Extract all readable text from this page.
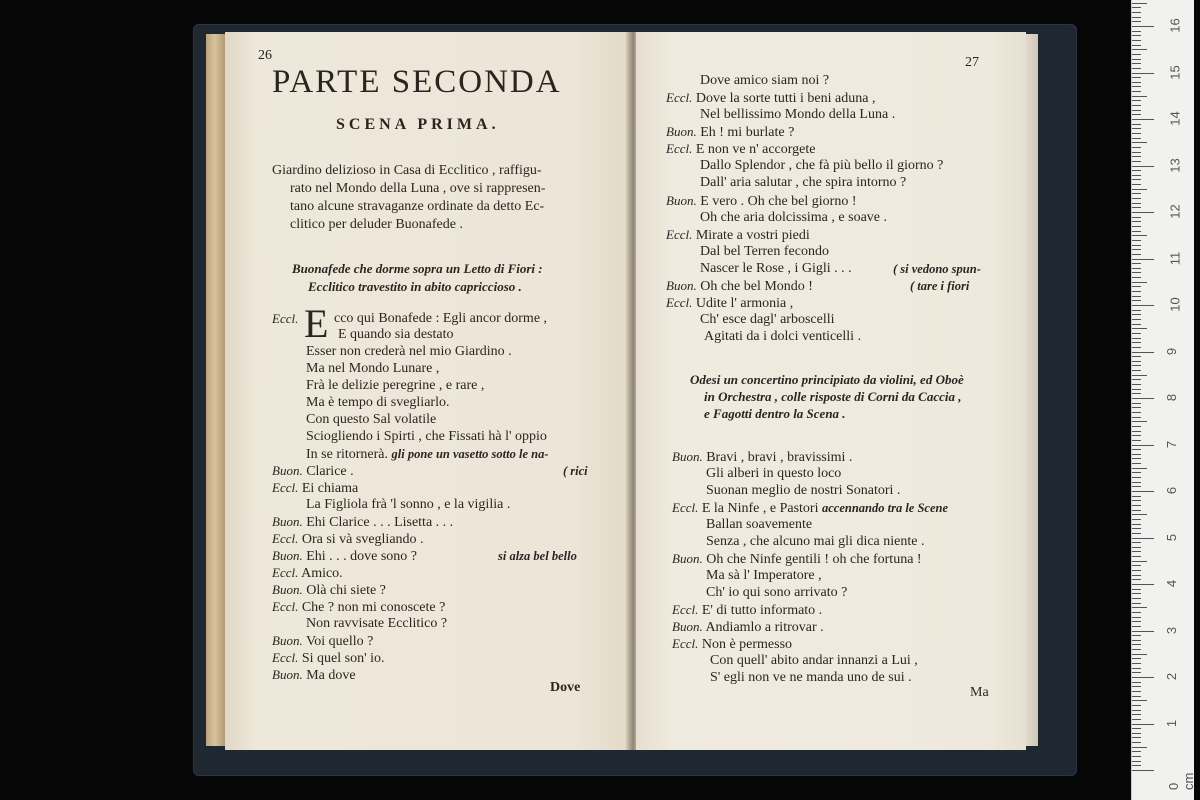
26
PARTE SECONDA
SCENA PRIMA.
Giardino delizioso in Casa di Ecclitico , raffigu-
rato nel Mondo della Luna , ove si rappresen-
tano alcune stravaganze ordinate da detto Ec-
clitico per deluder Buonafede .
Buonafede che dorme sopra un Letto di Fiori :
Ecclitico travestito in abito capriccioso .
E
Eccl.	cco qui Bonafede : Egli ancor dorme ,
E quando sia destato
Esser non crederà nel mio Giardino .
Ma nel Mondo Lunare ,
Frà le delizie peregrine , e rare ,
Ma è tempo di svegliarlo.
Con questo Sal volatile
Sciogliendo i Spirti , che Fissati hà l' oppio
In se ritornerà. gli pone un vasetto sotto le na-
Buon. Clarice .	( rici
Eccl. Ei chiama
La Figliola frà 'l sonno , e la vigilia .
Buon. Ehi Clarice . . . Lisetta . . .
Eccl. Ora si và svegliando .
Buon. Ehi . . . dove sono ?	si alza bel bello
Eccl. Amico.
Buon. Olà chi siete ?
Eccl. Che ? non mi conoscete ?
Non ravvisate Ecclitico ?
Buon. Voi quello ?
Eccl. Si quel son' io.
Buon. Ma dove
Dove
27
Dove amico siam noi ?
Eccl. Dove la sorte tutti i beni aduna ,
Nel bellissimo Mondo della Luna .
Buon. Eh ! mi burlate ?
Eccl. E non ve n' accorgete
Dallo Splendor , che fà più bello il giorno ?
Dall' aria salutar , che spira intorno ?
Buon. E vero . Oh che bel giorno !
Oh che aria dolcissima , e soave .
Eccl. Mirate a vostri piedi
Dal bel Terren fecondo
Nascer le Rose , i Gigli . . .	( si vedono spun-
Buon. Oh che bel Mondo !	( tare i fiori
Eccl. Udite l' armonia ,
Ch' esce dagl' arboscelli
Agitati da i dolci venticelli .
Odesi un concertino principiato da violini, ed Oboè
in Orchestra , colle risposte di Corni da Caccia ,
e Fagotti dentro la Scena .
Buon. Bravi , bravi , bravissimi .
Gli alberi in questo loco
Suonan meglio de nostri Sonatori .
Eccl. E la Ninfe , e Pastori accennando tra le Scene
Ballan soavemente
Senza , che alcuno mai gli dica niente .
Buon. Oh che Ninfe gentili ! oh che fortuna !
Ma sà l' Imperatore ,
Ch' io qui sono arrivato ?
Eccl. E' di tutto informato .
Buon. Andiamlo a ritrovar .
Eccl. Non è permesso
Con quell' abito andar innanzi a Lui ,
S' egli non ve ne manda uno de sui .
Ma
0 cm
1
2
3
4
5
6
7
8
9
10
11
12
13
14
15
16
